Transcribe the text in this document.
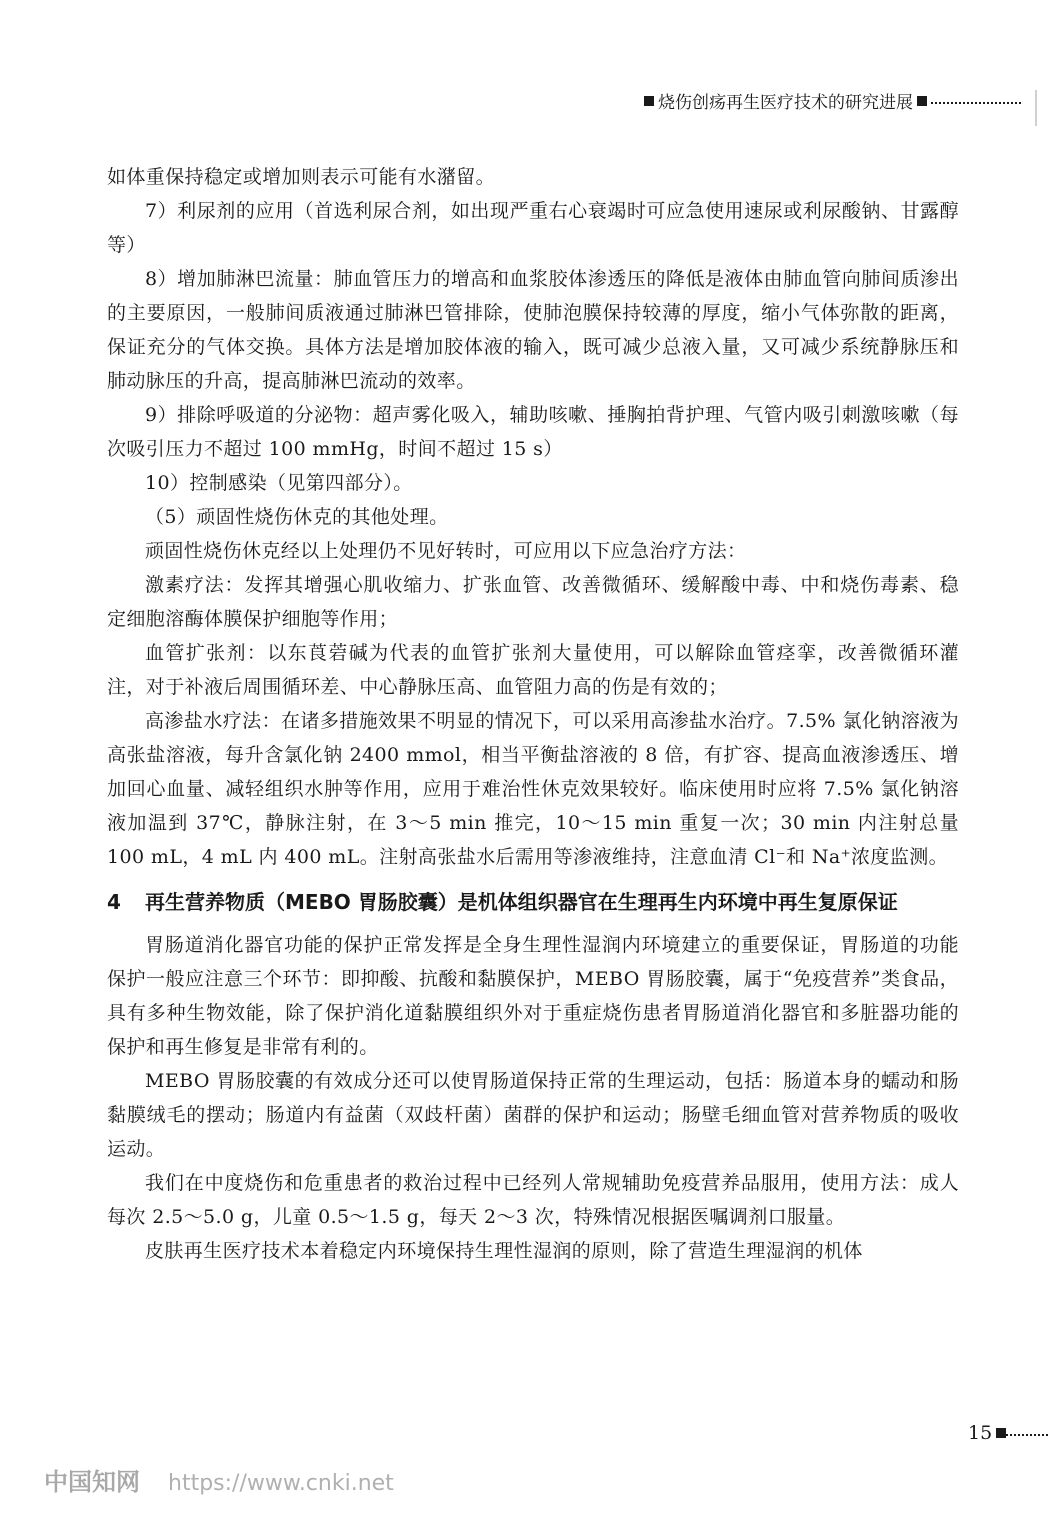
烧伤创疡再生医疗技术的研究进展

如体重保持稳定或增加则表示可能有水潴留。

7）利尿剂的应用（首选利尿合剂，如出现严重右心衰竭时可应急使用速尿或利尿酸钠、甘露醇等）

8）增加肺淋巴流量：肺血管压力的增高和血浆胶体渗透压的降低是液体由肺血管向肺间质渗出的主要原因，一般肺间质液通过肺淋巴管排除，使肺泡膜保持较薄的厚度，缩小气体弥散的距离，保证充分的气体交换。具体方法是增加胶体液的输入，既可减少总液入量，又可减少系统静脉压和肺动脉压的升高，提高肺淋巴流动的效率。

9）排除呼吸道的分泌物：超声雾化吸入，辅助咳嗽、捶胸拍背护理、气管内吸引刺激咳嗽（每次吸引压力不超过 100 mmHg，时间不超过 15 s）

10）控制感染（见第四部分）。

（5）顽固性烧伤休克的其他处理。

顽固性烧伤休克经以上处理仍不见好转时，可应用以下应急治疗方法：

激素疗法：发挥其增强心肌收缩力、扩张血管、改善微循环、缓解酸中毒、中和烧伤毒素、稳定细胞溶酶体膜保护细胞等作用；

血管扩张剂：以东莨菪碱为代表的血管扩张剂大量使用，可以解除血管痉挛，改善微循环灌注，对于补液后周围循环差、中心静脉压高、血管阻力高的伤是有效的；

高渗盐水疗法：在诸多措施效果不明显的情况下，可以采用高渗盐水治疗。7.5% 氯化钠溶液为高张盐溶液，每升含氯化钠 2400 mmol，相当平衡盐溶液的 8 倍，有扩容、提高血液渗透压、增加回心血量、减轻组织水肿等作用，应用于难治性休克效果较好。临床使用时应将 7.5% 氯化钠溶液加温到 37℃，静脉注射，在 3～5 min 推完，10～15 min 重复一次；30 min 内注射总量 100 mL，4 mL 内 400 mL。注射高张盐水后需用等渗液维持，注意血清 Cl⁻和 Na⁺浓度监测。

4	再生营养物质（MEBO 胃肠胶囊）是机体组织器官在生理再生内环境中再生复原保证

胃肠道消化器官功能的保护正常发挥是全身生理性湿润内环境建立的重要保证，胃肠道的功能保护一般应注意三个环节：即抑酸、抗酸和黏膜保护，MEBO 胃肠胶囊，属于“免疫营养”类食品，具有多种生物效能，除了保护消化道黏膜组织外对于重症烧伤患者胃肠道消化器官和多脏器功能的保护和再生修复是非常有利的。

MEBO 胃肠胶囊的有效成分还可以使胃肠道保持正常的生理运动，包括：肠道本身的蠕动和肠黏膜绒毛的摆动；肠道内有益菌（双歧杆菌）菌群的保护和运动；肠壁毛细血管对营养物质的吸收运动。

我们在中度烧伤和危重患者的救治过程中已经列人常规辅助免疫营养品服用，使用方法：成人每次 2.5～5.0 g，儿童 0.5～1.5 g，每天 2～3 次，特殊情况根据医嘱调剂口服量。

皮肤再生医疗技术本着稳定内环境保持生理性湿润的原则，除了营造生理湿润的机体

15
中国知网 https://www.cnki.net
